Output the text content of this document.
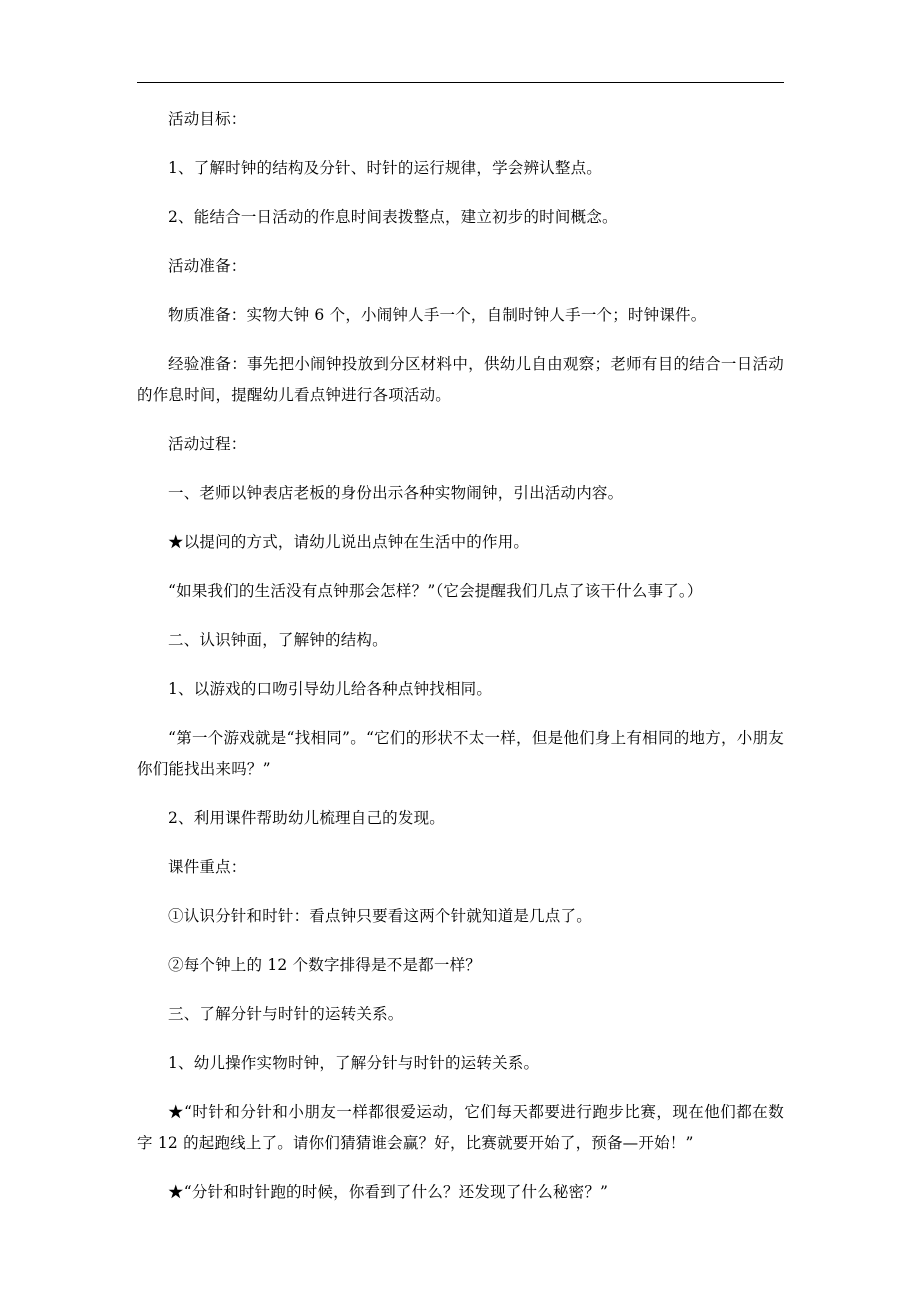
活动目标：

1、了解时钟的结构及分针、时针的运行规律，学会辨认整点。

2、能结合一日活动的作息时间表拨整点，建立初步的时间概念。

活动准备：

物质准备：实物大钟 6 个，小闹钟人手一个，自制时钟人手一个；时钟课件。

经验准备：事先把小闹钟投放到分区材料中，供幼儿自由观察；老师有目的结合一日活动的作息时间，提醒幼儿看点钟进行各项活动。

活动过程：

一、老师以钟表店老板的身份出示各种实物闹钟，引出活动内容。

★以提问的方式，请幼儿说出点钟在生活中的作用。

“如果我们的生活没有点钟那会怎样？”（它会提醒我们几点了该干什么事了。）

二、认识钟面，了解钟的结构。

1、以游戏的口吻引导幼儿给各种点钟找相同。

“第一个游戏就是“找相同”。“它们的形状不太一样，但是他们身上有相同的地方，小朋友你们能找出来吗？”

2、利用课件帮助幼儿梳理自己的发现。

课件重点：

①认识分针和时针：看点钟只要看这两个针就知道是几点了。

②每个钟上的 12 个数字排得是不是都一样？

三、了解分针与时针的运转关系。

1、幼儿操作实物时钟，了解分针与时针的运转关系。

★“时针和分针和小朋友一样都很爱运动，它们每天都要进行跑步比赛，现在他们都在数字 12 的起跑线上了。请你们猜猜谁会赢？好，比赛就要开始了，预备—开始！”

★“分针和时针跑的时候，你看到了什么？还发现了什么秘密？”
